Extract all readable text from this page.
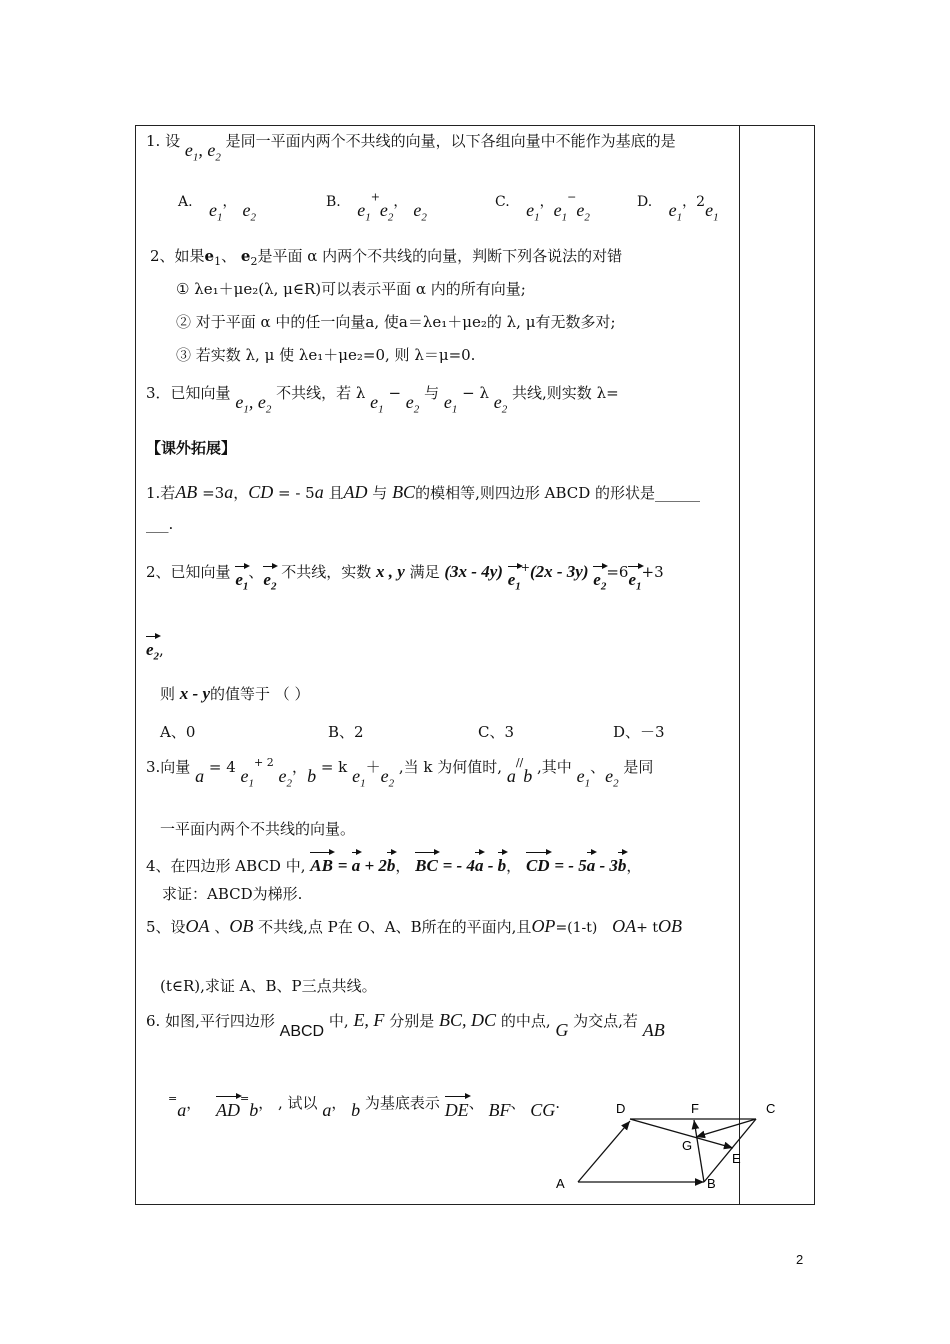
1. 设 $e_1$, $e_2$ 是同一平面内两个不共线的向量，以下各组向量中不能作为基底的是
A. $e_1$， $e_2$
B. $e_1^+e_2$， $e_2$
C. $e_1$，$e_1^-e_2$
D. $e_1$，$2e_1$
2、如果$e_1$、 $e_2$是平面 α 内两个不共线的向量，判断下列各说法的对错
① λe₁＋μe₂(λ, μ∈R)可以表示平面 α 内的所有向量;
② 对于平面 α 中的任一向量a, 使a＝λe₁＋μe₂的 λ, μ有无数多对;
③ 若实数 λ, μ 使 λe₁＋μe₂=0, 则 λ＝μ=0.
3．已知向量 $e_1$, $e_2$ 不共线，若 λ $e_1 - e_2$ 与 $e_1 - \lambda$ $e_2$ 共线,则实数 λ=
【课外拓展】
1.若AB =3a，CD = - 5a 且AD 与 BC的模相等,则四边形 ABCD 的形状是______
___.
2、已知向量 $e_1$、$e_2$ 不共线，实数 x , y 满足 (3x - 4y) $e_1^+(2x - 3y)$ $e_2=6e_1+3$
$e_2$,
则 x - y的值等于 （ ）
A、0	B、2	C、3	D、－3
3.向量 a = 4 $e_1^{+ 2}$ $e_2$，b = k $e_1+e_2$ ,当 k 为何值时, a//b ,其中 $e_1$、$e_2$ 是同
一平面内两个不共线的向量。
4、在四边形 ABCD 中, AB = a + 2b， BC = - 4a - b， CD = - 5a - 3b，
求证：ABCD为梯形.
5、设OA 、OB 不共线,点 P在 O、A、B所在的平面内,且OP=(1-t) OA+ tOB
(t∈R),求证 A、B、P三点共线。
6. 如图,平行四边形 ABCD 中, E, F 分别是 BC, DC 的中点, G 为交点,若 AB
=a， AD=b， , 试以 a， b 为基底表示 DE、 BF、 CG.
A	B
C
D
E
F
G
2
